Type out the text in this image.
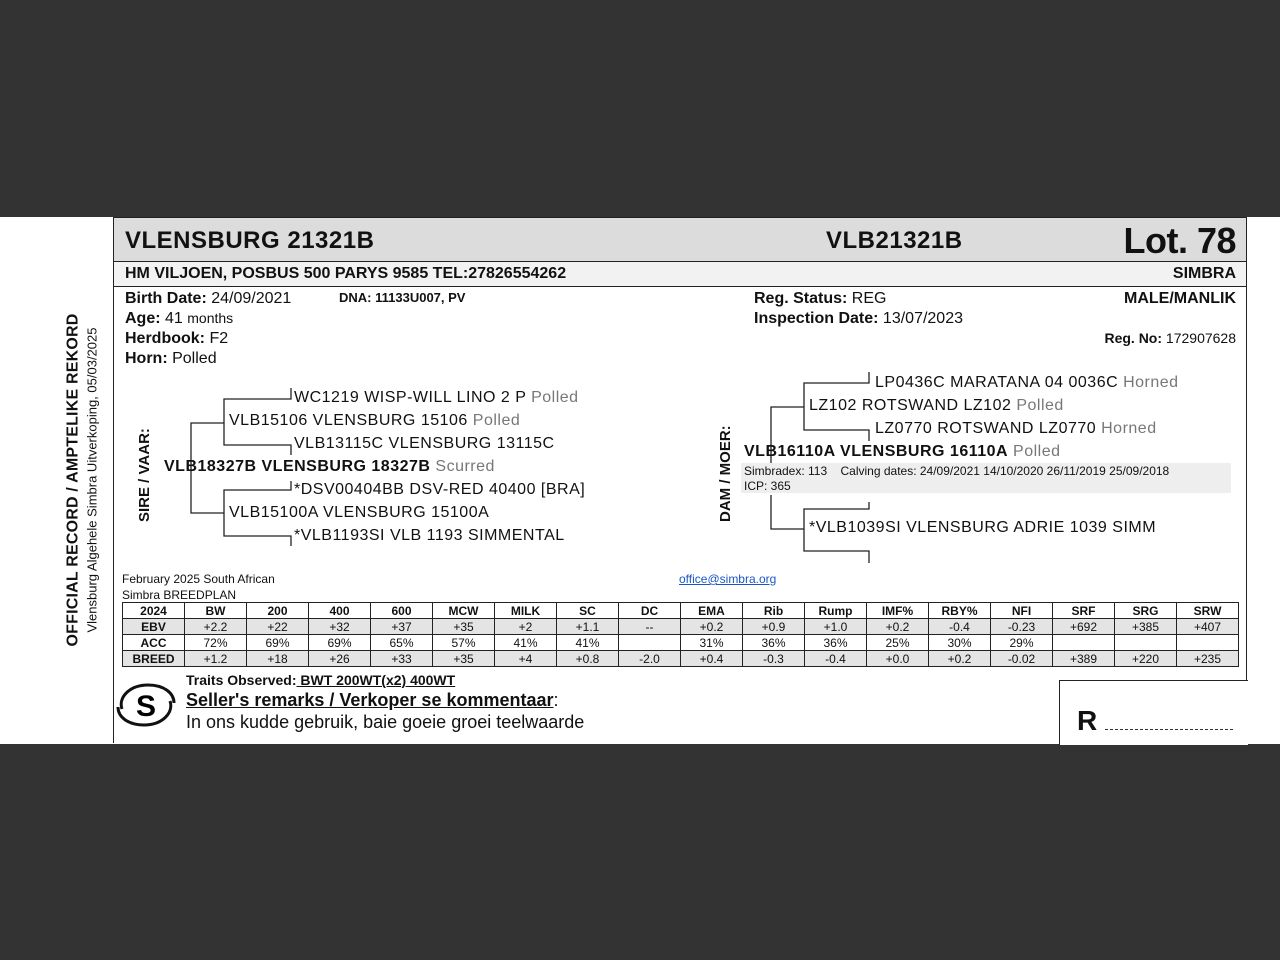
OFFICIAL RECORD / AMPTELIKE REKORD Vlensburg Algehele Simbra Uitverkoping, 05/03/2025
VLENSBURG 21321B	VLB21321B	Lot. 78
HM VILJOEN, POSBUS 500 PARYS 9585 TEL:27826554262	SIMBRA
Birth Date: 24/09/2021	DNA: 11133U007, PV
Age: 41 months
Herdbook: F2
Horn: Polled
Reg. Status: REG
Inspection Date: 13/07/2023
MALE/MANLIK
Reg. No: 172907628
SIRE / VAAR:
WC1219 WISP-WILL LINO 2 P Polled
VLB15106 VLENSBURG 15106 Polled
VLB13115C VLENSBURG 13115C
VLB18327B VLENSBURG 18327B Scurred
*DSV00404BB DSV-RED 40400 [BRA]
VLB15100A VLENSBURG 15100A
*VLB1193SI VLB 1193 SIMMENTAL
DAM / MOER:
LP0436C MARATANA 04 0036C Horned
LZ102 ROTSWAND LZ102 Polled
LZ0770 ROTSWAND LZ0770 Horned
VLB16110A VLENSBURG 16110A Polled
Simbradex: 113 Calving dates: 24/09/2021 14/10/2020 26/11/2019 25/09/2018
ICP: 365
*VLB1039SI VLENSBURG ADRIE 1039 SIMM
February 2025 South African
Simbra BREEDPLAN
office@simbra.org
2024	BW	200	400	600	MCW	MILK	SC	DC	EMA	Rib	Rump	IMF%	RBY%	NFI	SRF	SRG	SRW
EBV	+2.2	+22	+32	+37	+35	+2	+1.1	--	+0.2	+0.9	+1.0	+0.2	-0.4	-0.23	+692	+385	+407
ACC	72%	69%	69%	65%	57%	41%	41%		31%	36%	36%	25%	30%	29%			
BREED	+1.2	+18	+26	+33	+35	+4	+0.8	-2.0	+0.4	-0.3	-0.4	+0.0	+0.2	-0.02	+389	+220	+235
S
Traits Observed: BWT 200WT(x2) 400WT
Seller's remarks / Verkoper se kommentaar:
In ons kudde gebruik, baie goeie groei teelwaarde	R
